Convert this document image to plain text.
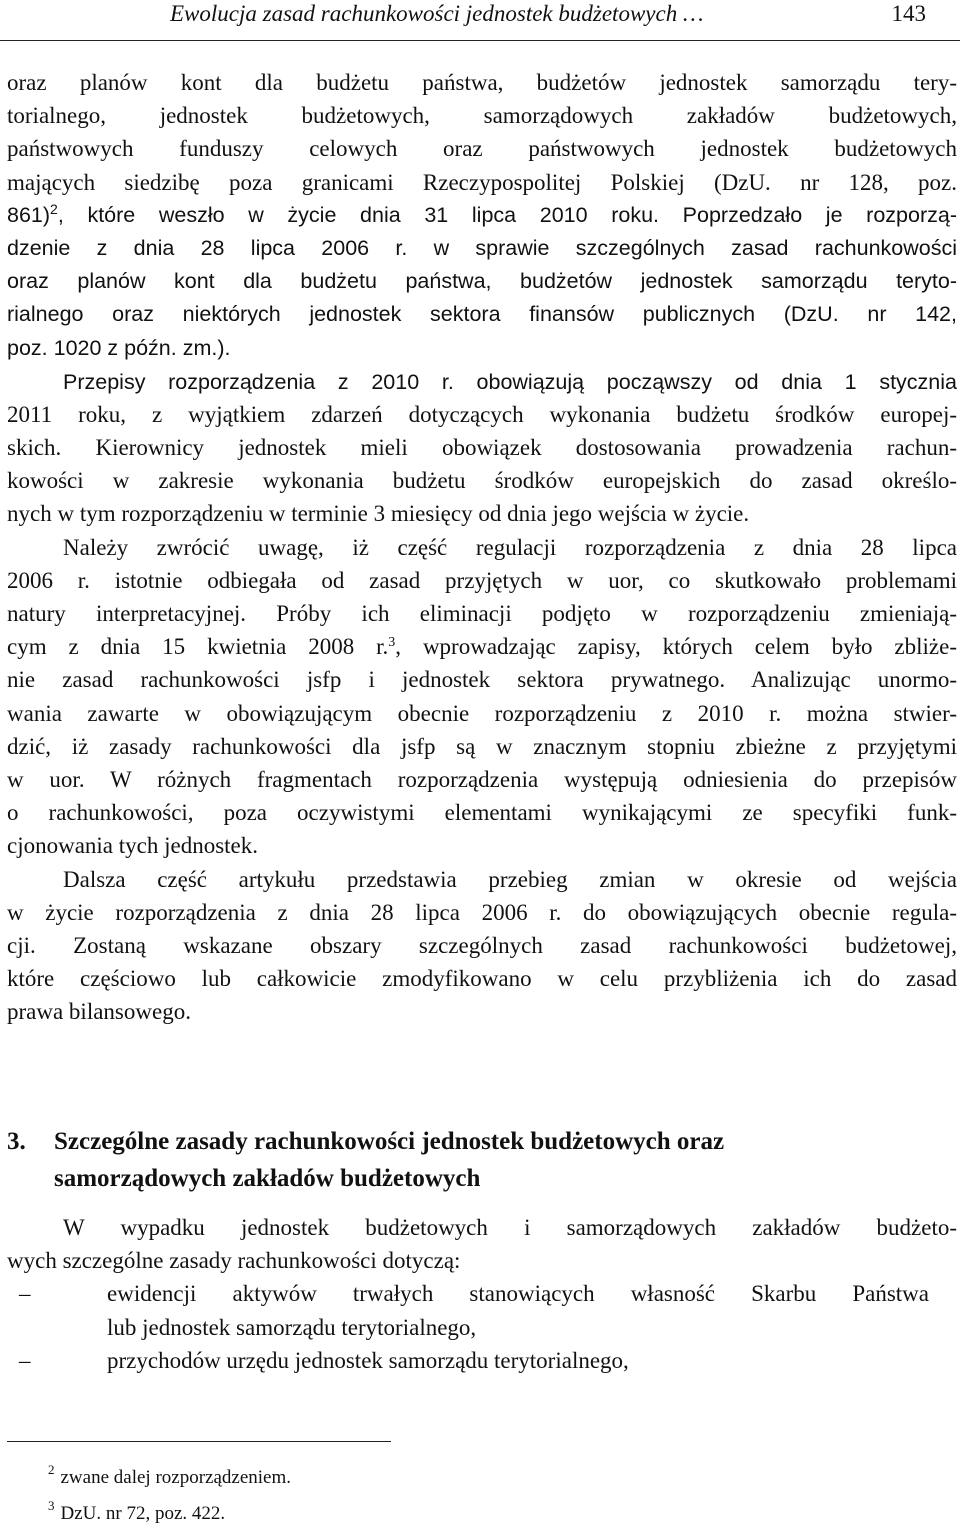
Ewolucja zasad rachunkowości jednostek budżetowych …	143
oraz planów kont dla budżetu państwa, budżetów jednostek samorządu tery-
torialnego, jednostek budżetowych, samorządowych zakładów budżetowych,
państwowych funduszy celowych oraz państwowych jednostek budżetowych
mających siedzibę poza granicami Rzeczypospolitej Polskiej (DzU. nr 128, poz.
861)$^2$, które weszło w życie dnia 31 lipca 2010 roku. Poprzedzało je rozporzą-
dzenie z dnia 28 lipca 2006 r. w sprawie szczególnych zasad rachunkowości
oraz planów kont dla budżetu państwa, budżetów jednostek samorządu teryto-
rialnego oraz niektórych jednostek sektora finansów publicznych (DzU. nr 142,
poz. 1020 z późn. zm.).
Przepisy rozporządzenia z 2010 r. obowiązują począwszy od dnia 1 stycznia
2011 roku, z wyjątkiem zdarzeń dotyczących wykonania budżetu środków europej-
skich. Kierownicy jednostek mieli obowiązek dostosowania prowadzenia rachun-
kowości w zakresie wykonania budżetu środków europejskich do zasad określo-
nych w tym rozporządzeniu w terminie 3 miesięcy od dnia jego wejścia w życie.
Należy zwrócić uwagę, iż część regulacji rozporządzenia z dnia 28 lipca
2006 r. istotnie odbiegała od zasad przyjętych w uor, co skutkowało problemami
natury interpretacyjnej. Próby ich eliminacji podjęto w rozporządzeniu zmieniają-
cym z dnia 15 kwietnia 2008 r.$^3$, wprowadzając zapisy, których celem było zbliże-
nie zasad rachunkowości jsfp i jednostek sektora prywatnego. Analizując unormo-
wania zawarte w obowiązującym obecnie rozporządzeniu z 2010 r. można stwier-
dzić, iż zasady rachunkowości dla jsfp są w znacznym stopniu zbieżne z przyjętymi
w uor. W różnych fragmentach rozporządzenia występują odniesienia do przepisów
o rachunkowości, poza oczywistymi elementami wynikającymi ze specyfiki funk-
cjonowania tych jednostek.
Dalsza część artykułu przedstawia przebieg zmian w okresie od wejścia
w życie rozporządzenia z dnia 28 lipca 2006 r. do obowiązujących obecnie regula-
cji. Zostaną wskazane obszary szczególnych zasad rachunkowości budżetowej,
które częściowo lub całkowicie zmodyfikowano w celu przybliżenia ich do zasad
prawa bilansowego.
3. Szczególne zasady rachunkowości jednostek budżetowych oraz
samorządowych zakładów budżetowych
W wypadku jednostek budżetowych i samorządowych zakładów budżeto-
wych szczególne zasady rachunkowości dotyczą:
–	ewidencji aktywów trwałych stanowiących własność Skarbu Państwa
lub jednostek samorządu terytorialnego,
–	przychodów urzędu jednostek samorządu terytorialnego,
$^2$ zwane dalej rozporządzeniem.
$^3$ DzU. nr 72, poz. 422.
